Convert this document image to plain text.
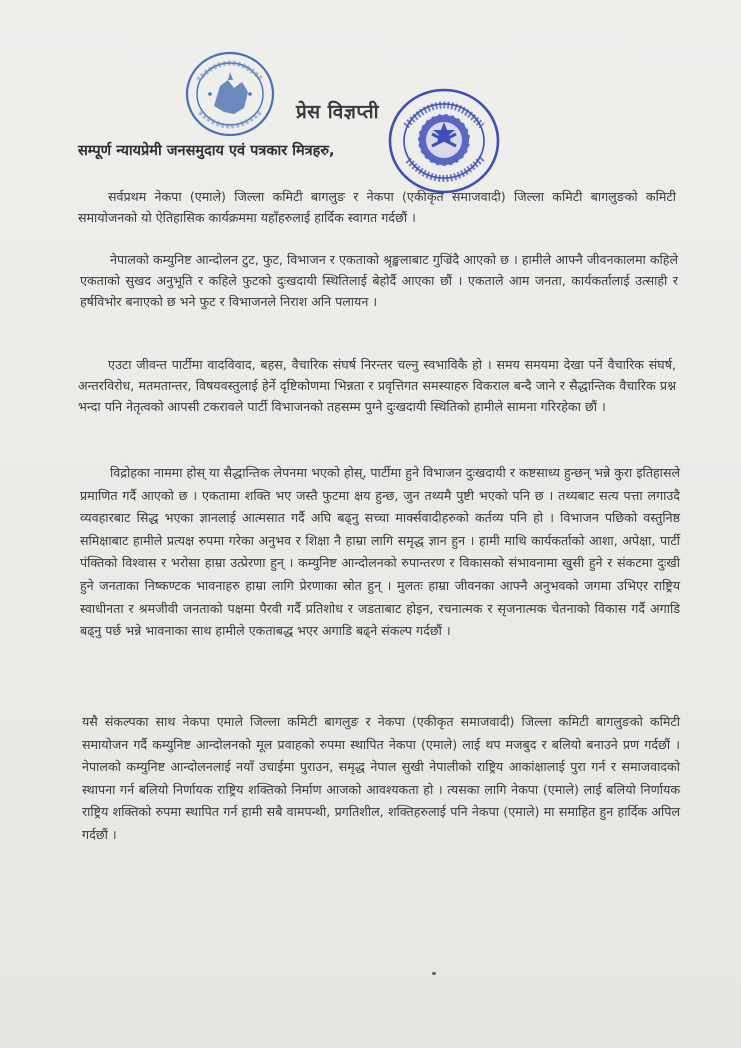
प्रेस विज्ञप्ती

सम्पूर्ण न्यायप्रेमी जनसमुदाय एवं पत्रकार मित्रहरु,

सर्वप्रथम नेकपा (एमाले) जिल्ला कमिटी बागलुङ र नेकपा (एकीकृत समाजवादी) जिल्ला कमिटी बागलुङको कमिटी समायोजनको यो ऐतिहासिक कार्यक्रममा यहाँहरुलाई हार्दिक स्वागत गर्दछौं ।

नेपालको कम्युनिष्ट आन्दोलन टुट, फुट, विभाजन र एकताको श्रृङ्खलाबाट गुज्रिंदै आएको छ । हामीले आफ्नै जीवनकालमा कहिले एकताको सुखद अनुभूति र कहिले फुटको दुःखदायी स्थितिलाई बेहोर्दै आएका छौं । एकताले आम जनता, कार्यकर्तालाई उत्साही र हर्षविभोर बनाएको छ भने फुट र विभाजनले निराश अनि पलायन ।

एउटा जीवन्त पार्टीमा वादविवाद, बहस, वैचारिक संघर्ष निरन्तर चल्नु स्वभाविकै हो । समय समयमा देखा पर्ने वैचारिक संघर्ष, अन्तरविरोध, मतमतान्तर, विषयवस्तुलाई हेर्ने दृष्टिकोणमा भिन्नता र प्रवृत्तिगत समस्याहरु विकराल बन्दै जाने र सैद्धान्तिक वैचारिक प्रश्न भन्दा पनि नेतृत्वको आपसी टकरावले पार्टी विभाजनको तहसम्म पुग्ने दुःखदायी स्थितिको हामीले सामना गरिरहेका छौं ।

विद्रोहका नाममा होस् या सैद्धान्तिक लेपनमा भएको होस्, पार्टीमा हुने विभाजन दुःखदायी र कष्टसाध्य हुन्छन् भन्ने कुरा इतिहासले प्रमाणित गर्दै आएको छ । एकतामा शक्ति भए जस्तै फुटमा क्षय हुन्छ, जुन तथ्यमै पुष्टी भएको पनि छ । तथ्यबाट सत्य पत्ता लगाउदै व्यवहारबाट सिद्ध भएका ज्ञानलाई आत्मसात गर्दै अघि बढ्नु सच्चा मार्क्सवादीहरुको कर्तव्य पनि हो । विभाजन पछिको वस्तुनिष्ठ समिक्षाबाट हामीले प्रत्यक्ष रुपमा गरेका अनुभव र शिक्षा नै हाम्रा लागि समृद्ध ज्ञान हुन । हामी माथि कार्यकर्ताको आशा, अपेक्षा, पार्टी पंक्तिको विश्वास र भरोसा हाम्रा उत्प्रेरणा हुन् । कम्युनिष्ट आन्दोलनको रुपान्तरण र विकासको संभावनामा खुसी हुने र संकटमा दुःखी हुने जनताका निष्कण्टक भावनाहरु हाम्रा लागि प्रेरणाका स्रोत हुन् । मुलतः हाम्रा जीवनका आफ्नै अनुभवको जगमा उभिएर राष्ट्रिय स्वाधीनता र श्रमजीवी जनताको पक्षमा पैरवी गर्दै प्रतिशोध र जडताबाट होइन, रचनात्मक र सृजनात्मक चेतनाको विकास गर्दै अगाडि बढ्नु पर्छ भन्ने भावनाका साथ हामीले एकताबद्ध भएर अगाडि बढ्ने संकल्प गर्दछौं ।

यसै संकल्पका साथ नेकपा एमाले जिल्ला कमिटी बागलुङ र नेकपा (एकीकृत समाजवादी) जिल्ला कमिटी बागलुङको कमिटी समायोजन गर्दै कम्युनिष्ट आन्दोलनको मूल प्रवाहको रुपमा स्थापित नेकपा (एमाले) लाई थप मजबुद र बलियो बनाउने प्रण गर्दछौं । नेपालको कम्युनिष्ट आन्दोलनलाई नयाँ उचाईमा पुराउन, समृद्ध नेपाल सुखी नेपालीको राष्ट्रिय आकांक्षालाई पुरा गर्न र समाजवादको स्थापना गर्न बलियो निर्णायक राष्ट्रिय शक्तिको निर्माण आजको आवश्यकता हो । त्यसका लागि नेकपा (एमाले) लाई बलियो निर्णायक राष्ट्रिय शक्तिको रुपमा स्थापित गर्न हामी सबै वामपन्थी, प्रगतिशील, शक्तिहरुलाई पनि नेकपा (एमाले) मा समाहित हुन हार्दिक अपिल गर्दछौं ।
